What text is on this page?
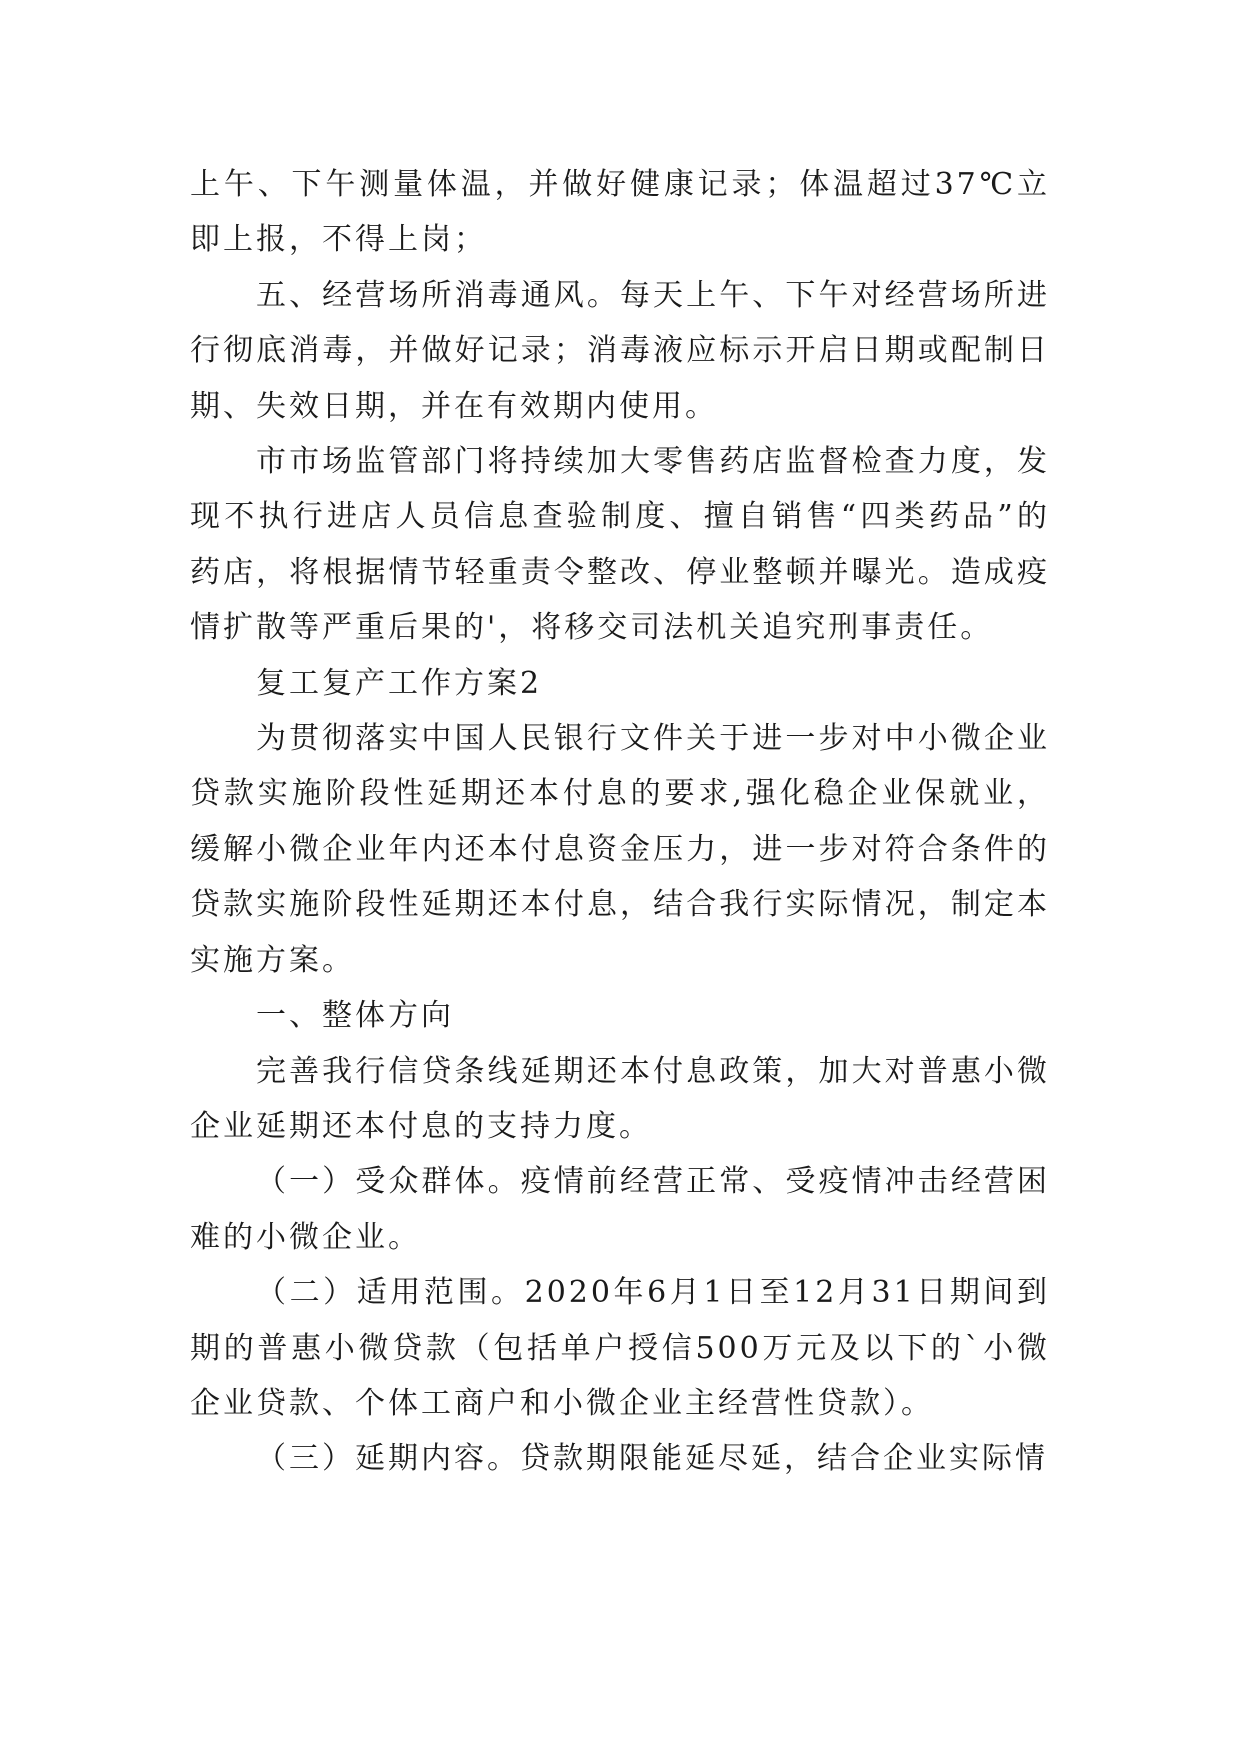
上午、下午测量体温，并做好健康记录；体温超过37℃立即上报，不得上岗；

五、经营场所消毒通风。每天上午、下午对经营场所进行彻底消毒，并做好记录；消毒液应标示开启日期或配制日期、失效日期，并在有效期内使用。

市市场监管部门将持续加大零售药店监督检查力度，发现不执行进店人员信息查验制度、擅自销售“四类药品”的药店，将根据情节轻重责令整改、停业整顿并曝光。造成疫情扩散等严重后果的'，将移交司法机关追究刑事责任。

复工复产工作方案2

为贯彻落实中国人民银行文件关于进一步对中小微企业贷款实施阶段性延期还本付息的要求,强化稳企业保就业，缓解小微企业年内还本付息资金压力，进一步对符合条件的贷款实施阶段性延期还本付息，结合我行实际情况，制定本实施方案。

一、整体方向

完善我行信贷条线延期还本付息政策，加大对普惠小微企业延期还本付息的支持力度。

（一）受众群体。疫情前经营正常、受疫情冲击经营困难的小微企业。

（二）适用范围。2020年6月1日至12月31日期间到期的普惠小微贷款（包括单户授信500万元及以下的`小微企业贷款、个体工商户和小微企业主经营性贷款）。

（三）延期内容。贷款期限能延尽延，结合企业实际情
